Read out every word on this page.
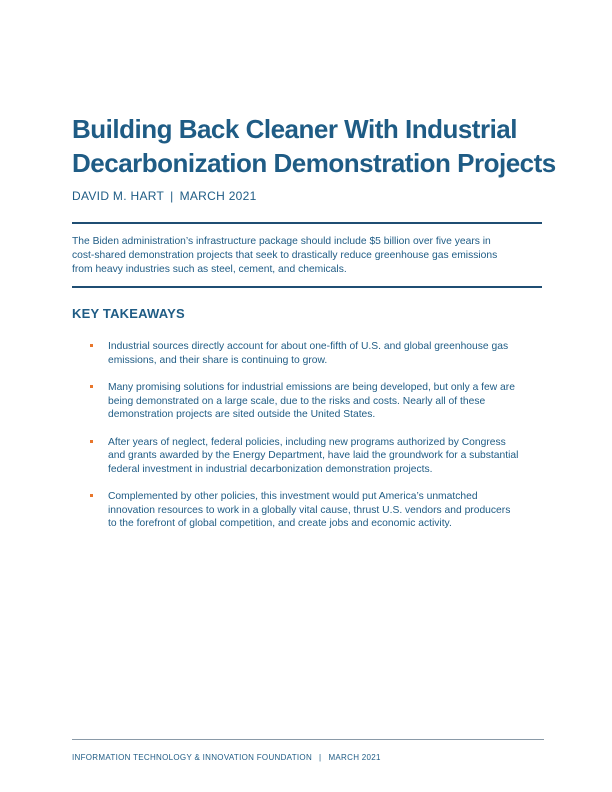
Building Back Cleaner With Industrial
Decarbonization Demonstration Projects
DAVID M. HART | MARCH 2021

The Biden administration’s infrastructure package should include $5 billion over five years in
cost-shared demonstration projects that seek to drastically reduce greenhouse gas emissions
from heavy industries such as steel, cement, and chemicals.

KEY TAKEAWAYS
Industrial sources directly account for about one-fifth of U.S. and global greenhouse gas
emissions, and their share is continuing to grow.
Many promising solutions for industrial emissions are being developed, but only a few are
being demonstrated on a large scale, due to the risks and costs. Nearly all of these
demonstration projects are sited outside the United States.
After years of neglect, federal policies, including new programs authorized by Congress
and grants awarded by the Energy Department, have laid the groundwork for a substantial
federal investment in industrial decarbonization demonstration projects.
Complemented by other policies, this investment would put America’s unmatched
innovation resources to work in a globally vital cause, thrust U.S. vendors and producers
to the forefront of global competition, and create jobs and economic activity.
INFORMATION TECHNOLOGY & INNOVATION FOUNDATION | MARCH 2021
